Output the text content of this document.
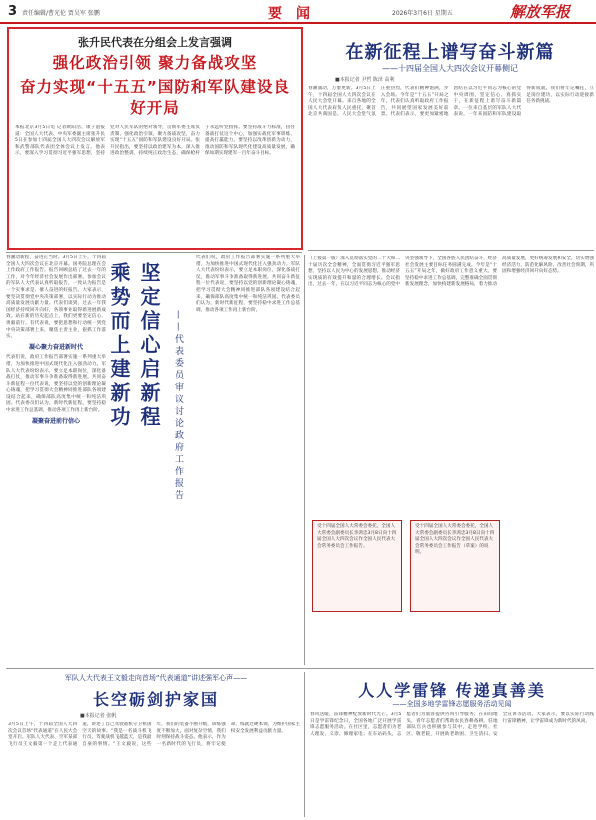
3 责任编辑/曹光伦 贾吴军 张鹏	要闻	2026年3月6日 星期五	解放军报
张升民代表在分组会上发言强调
强化政治引领 聚力备战攻坚
奋力实现“十五五”国防和军队建设良好开局
本报北京3月5日电 记者欧阳浩、康子湛报道：全国人大代表、中央军委副主席张升民5日在参加十四届全国人大四次会议解放军和武警部队代表团全体会议上发言。他表示，要深入学习贯彻习近平强军思想，坚持党对人民军队的绝对领导，贯彻军委主席负责制，强化政治引领，聚力备战攻坚，奋力实现“十五五”国防和军队建设良好开局。张升民指出，要坚持以政治建军为本，深入推进政治整训，持续纯正政治生态，确保枪杆子永远听党指挥。要坚持战斗力标准，扭住备战打仗这个中心，加强实战化军事训练，提高打赢能力。要坚持以改革创新为动力，推动国防和军队现代化建设高质量发展，确保如期实现建军一百年奋斗目标。
在新征程上谱写奋斗新篇
——十四届全国人大四次会议开幕侧记
■本报记者 尹哲 陈泽 高利
春潮涌动，万象更新。3月5日上午，十四届全国人大四次会议在人民大会堂开幕。来自各地的全国人大代表肩负人民重托，聚首北京共商国是。人民大会堂气氛庄重热烈，代表们精神饱满，步入会场。今年是“十五五”开局之年，代表们认真听取政府工作报告，共同展望国家发展美好前景。代表们表示，要更加紧密地团结在以习近平同志为核心的党中央周围，坚定信心、真抓实干，在新征程上谱写奋斗新篇章。一位来自基层的军队人大代表说，一年来国防和军队建设取得新成就，我们将牢记嘱托，立足岗位建功，以实际行动迎接新任务新挑战。
春潮动新程，奋进正当时。3月5日上午，十四届全国人大四次会议在北京开幕。国务院总理在会上作政府工作报告。报告回顾总结了过去一年的工作，对今年经济社会发展作出部署。参加会议的军队人大代表认真听取报告，一致认为报告是一个实事求是、催人奋进的好报告。大家表示，要坚决贯彻党中央决策部署，以实际行动为推动高质量发展贡献力量。代表们谈到，过去一年我国经济持续回升向好，各项事业取得新进展新成效。站在新的历史起点上，我们更要坚定信心、勇毅前行。有代表说，要把思想和行动统一到党中央决策部署上来，聚焦主责主业，狠抓工作落实。
凝心聚力奋进新时代
代表们说，政府工作报告部署实施一系列重大举措，为加快推进中国式现代化注入强劲动力。军队人大代表纷纷表示，要立足本职岗位，深化备战打仗，推动军事斗争准备取得新进展。共同奋斗新征程一位代表说，要坚持以党的创新理论凝心铸魂，把学习贯彻大会精神同推进部队各项建设结合起来，确保部队高度集中统一和纯洁巩固。代表委员们认为，新时代新征程，要坚持稳中求进工作总基调，推动各项工作再上新台阶。
凝聚奋进前行信心	坚定信心启新程
乘势而上建新功	——代表委员审议讨论政府工作报告
代表们说，政府工作报告部署实施一系列重大举措，为加快推进中国式现代化注入强劲动力。军队人大代表纷纷表示，要立足本职岗位，深化备战打仗，推动军事斗争准备取得新进展。共同奋斗新征程一位代表说，要坚持以党的创新理论凝心铸魂，把学习贯彻大会精神同推进部队各项建设结合起来，确保部队高度集中统一和纯洁巩固。代表委员们认为，新时代新征程，要坚持稳中求进工作总基调，推动各项工作再上新台阶。
（上接第一版）深入贯彻落实党的二十大和二十届历次全会精神，全面贯彻习近平强军思想，坚持以人民为中心的发展思想，推动经济实现质的有效提升和量的合理增长。会议指出，过去一年，在以习近平同志为核心的党中央坚强领导下，全国各族人民团结奋斗，经济社会发展主要目标任务圆满完成。今年是“十五五”开局之年，做好政府工作意义重大。要坚持稳中求进工作总基调，完整准确全面贯彻新发展理念，加快构建新发展格局，着力推动高质量发展，更好统筹发展和安全，切实增强经济活力、防范化解风险、改善社会预期，巩固和增强经济回升向好态势。
受十四届全国人大常委会委托，全国人大常委会副委员长李鸿忠3月8日向十四届全国人大四次会议作全国人民代表大会常务委员会工作报告。
受十四届全国人大常委会委托，全国人大常委会副委员长李鸿忠3月8日向十四届全国人大四次会议作全国人民代表大会常务委员会工作报告（草案）的说明。
军队人大代表王文毅走向首场“代表通道”讲述强军心声——
长空砺剑护家国
■本报记者 张帆
3月5日上午，十四届全国人大四次会议首场“代表通道”在人民大会堂开启。军队人大代表、空军某部飞行员王文毅第一个走上代表通道，讲述了自己驾驶战机守卫祖国空天的故事。“我是一名战斗机飞行员，驾驶战机飞越蓝天，是我最自豪的事情。“王文毅说，这些年，我们的装备不断升级，训练强度不断加大，面对复杂空情，我们时刻保持战斗姿态。他表示，作为一名新时代的飞行员，将牢记使命，练就过硬本领，为维护国家主权安全发展利益贡献力量。
人人学雷锋 传递真善美
——全国多地学雷锋志愿服务活动见闻
春风送暖，雷锋精神绽放新时代光芒。3月5日是学雷锋纪念日，全国各地广泛开展学雷锋志愿服务活动。在社区里，志愿者们为老人理发、义诊、修理家电；在车站码头，志愿者们为旅客提供咨询引导服务；在田间地头，青年志愿者们帮助农民春耕备耕。驻地部队官兵也积极参与其中，走进学校、社区、敬老院，开展助老助困、卫生清扫、安全宣讲等活动。大家表示，要以实际行动践行雷锋精神，让学雷锋成为新时代的风尚。
